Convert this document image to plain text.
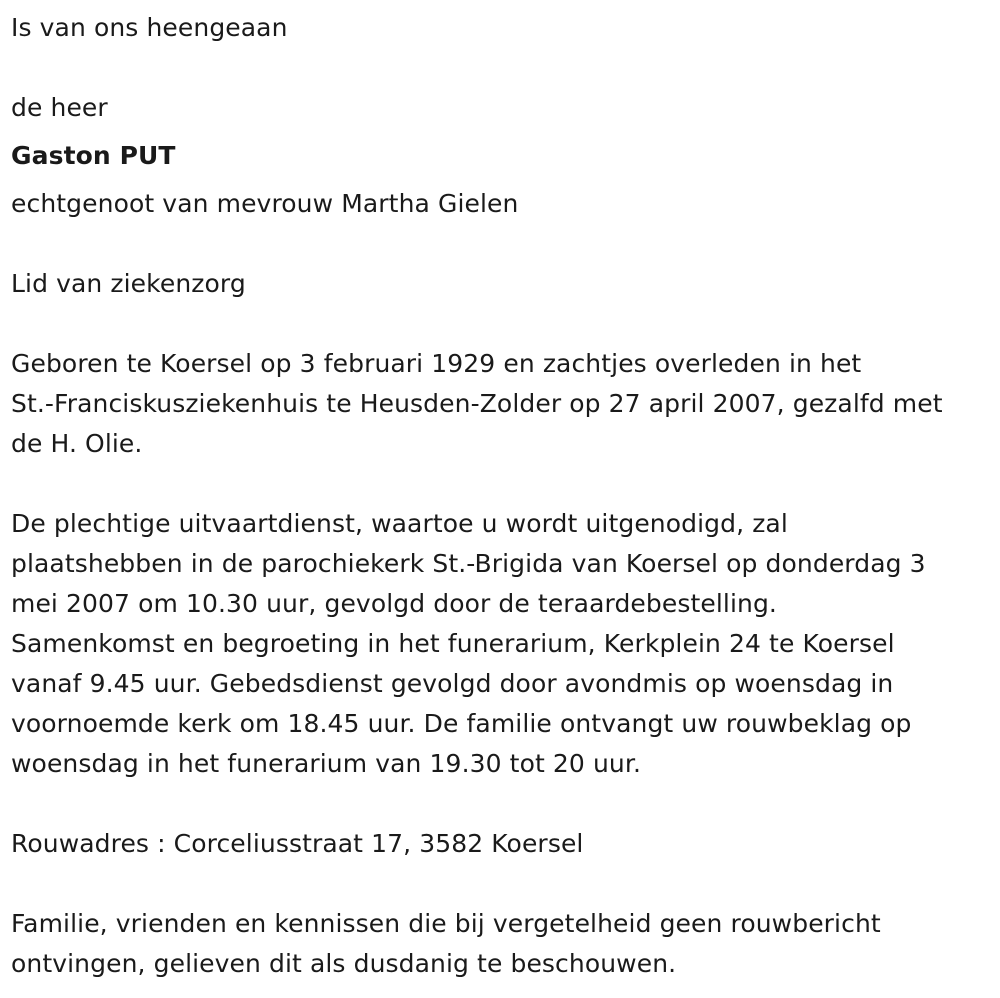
Is van ons heengeaan
de heer
Gaston PUT
echtgenoot van mevrouw Martha Gielen
Lid van ziekenzorg
Geboren te Koersel op 3 februari 1929 en zachtjes overleden in het
St.-Franciskusziekenhuis te Heusden-Zolder op 27 april 2007, gezalfd met
de H. Olie.
De plechtige uitvaartdienst, waartoe u wordt uitgenodigd, zal
plaatshebben in de parochiekerk St.-Brigida van Koersel op donderdag 3
mei 2007 om 10.30 uur, gevolgd door de teraardebestelling.
Samenkomst en begroeting in het funerarium, Kerkplein 24 te Koersel
vanaf 9.45 uur. Gebedsdienst gevolgd door avondmis op woensdag in
voornoemde kerk om 18.45 uur. De familie ontvangt uw rouwbeklag op
woensdag in het funerarium van 19.30 tot 20 uur.
Rouwadres : Corceliusstraat 17, 3582 Koersel
Familie, vrienden en kennissen die bij vergetelheid geen rouwbericht
ontvingen, gelieven dit als dusdanig te beschouwen.
